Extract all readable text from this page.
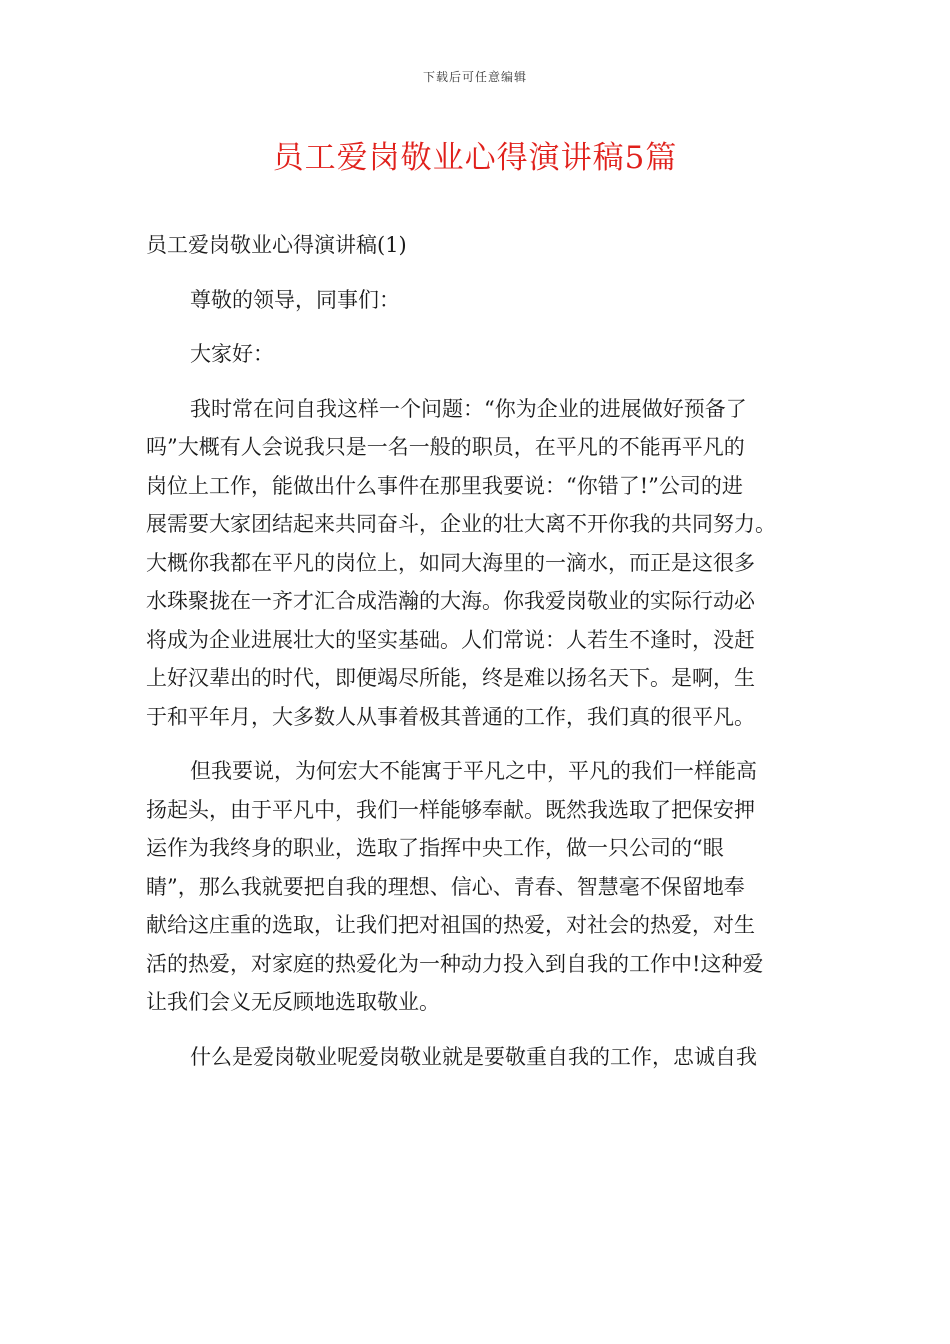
下载后可任意编辑
员工爱岗敬业心得演讲稿5篇

员工爱岗敬业心得演讲稿(1)

尊敬的领导，同事们：

大家好：

我时常在问自我这样一个问题：“你为企业的进展做好预备了
吗”大概有人会说我只是一名一般的职员，在平凡的不能再平凡的
岗位上工作，能做出什么事件在那里我要说：“你错了!”公司的进
展需要大家团结起来共同奋斗，企业的壮大离不开你我的共同努力。
大概你我都在平凡的岗位上，如同大海里的一滴水，而正是这很多
水珠聚拢在一齐才汇合成浩瀚的大海。你我爱岗敬业的实际行动必
将成为企业进展壮大的坚实基础。人们常说：人若生不逢时，没赶
上好汉辈出的时代，即便竭尽所能，终是难以扬名天下。是啊，生
于和平年月，大多数人从事着极其普通的工作，我们真的很平凡。

但我要说，为何宏大不能寓于平凡之中，平凡的我们一样能高
扬起头，由于平凡中，我们一样能够奉献。既然我选取了把保安押
运作为我终身的职业，选取了指挥中央工作，做一只公司的“眼
睛”，那么我就要把自我的理想、信心、青春、智慧毫不保留地奉
献给这庄重的选取，让我们把对祖国的热爱，对社会的热爱，对生
活的热爱，对家庭的热爱化为一种动力投入到自我的工作中!这种爱
让我们会义无反顾地选取敬业。

什么是爱岗敬业呢爱岗敬业就是要敬重自我的工作，忠诚自我
